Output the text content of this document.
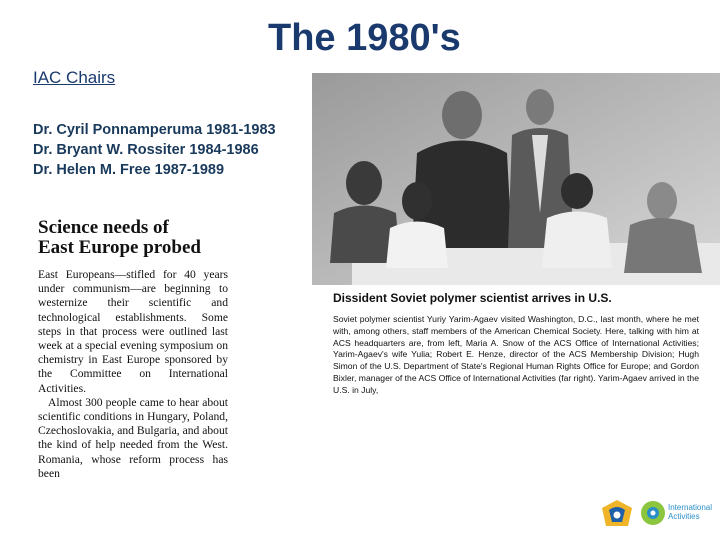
IAC Chairs
The 1980's
Dr. Cyril Ponnamperuma 1981-1983
Dr. Bryant W. Rossiter 1984-1986
Dr. Helen M. Free 1987-1989
Science needs of
East Europe probed

East Europeans—stifled for 40 years under communism—are beginning to westernize their scientific and technological establishments. Some steps in that process were outlined last week at a special evening symposium on chemistry in East Europe sponsored by the Committee on International Activities.

Almost 300 people came to hear about scientific conditions in Hungary, Poland, Czechoslovakia, and Bulgaria, and about the kind of help needed from the West. Romania, whose reform process has been

Dissident Soviet polymer scientist arrives in U.S.
Soviet polymer scientist Yuriy Yarim-Agaev visited Washington, D.C., last month, where he met with, among others, staff members of the American Chemical Society. Here, talking with him at ACS headquarters are, from left, Maria A. Snow of the ACS Office of International Activities; Yarim-Agaev's wife Yulia; Robert E. Henze, director of the ACS Membership Division; Hugh Simon of the U.S. Department of State's Regional Human Rights Office for Europe; and Gordon Bixler, manager of the ACS Office of International Activities (far right). Yarim-Agaev arrived in the U.S. in July,
International
Activities
